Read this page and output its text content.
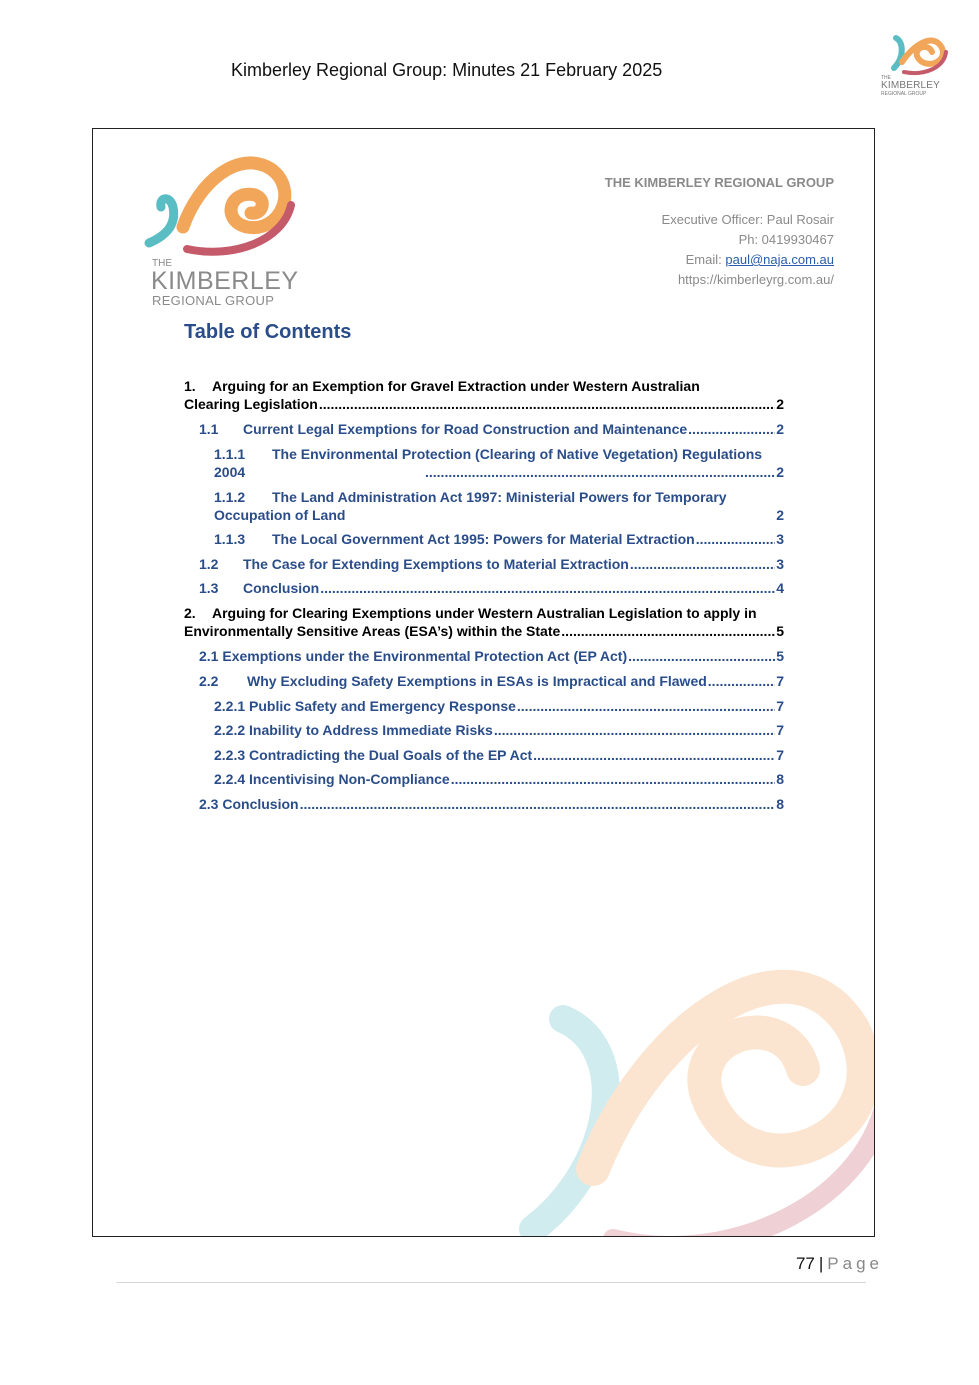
Kimberley Regional Group: Minutes 21 February 2025	THE
KIMBERLEY
REGIONAL GROUP
THE
KIMBERLEY
REGIONAL GROUP
THE KIMBERLEY REGIONAL GROUP
Executive Officer: Paul Rosair
Ph: 0419930467
Email: paul@naja.com.au
https://kimberleyrg.com.au/
Table of Contents
1. Arguing for an Exemption for Gravel Extraction under Western Australian
Clearing Legislation .....	2
1.1	Current Legal Exemptions for Road Construction and Maintenance .....	2
1.1.1 The Environmental Protection (Clearing of Native Vegetation) Regulations
2004 .....	2
1.1.2 The Land Administration Act 1997: Ministerial Powers for Temporary
Occupation of Land	2
1.1.3	The Local Government Act 1995: Powers for Material Extraction .....	3
1.2	The Case for Extending Exemptions to Material Extraction .....	3
1.3	Conclusion .....	4
2. Arguing for Clearing Exemptions under Western Australian Legislation to apply in
Environmentally Sensitive Areas (ESA’s) within the State .....	5
2.1 Exemptions under the Environmental Protection Act (EP Act) .....	5
2.2	Why Excluding Safety Exemptions in ESAs is Impractical and Flawed .....	7
2.2.1 Public Safety and Emergency Response .....	7
2.2.2 Inability to Address Immediate Risks .....	7
2.2.3 Contradicting the Dual Goals of the EP Act .....	7
2.2.4 Incentivising Non-Compliance .....	8
2.3 Conclusion .....	8
77 | Page
